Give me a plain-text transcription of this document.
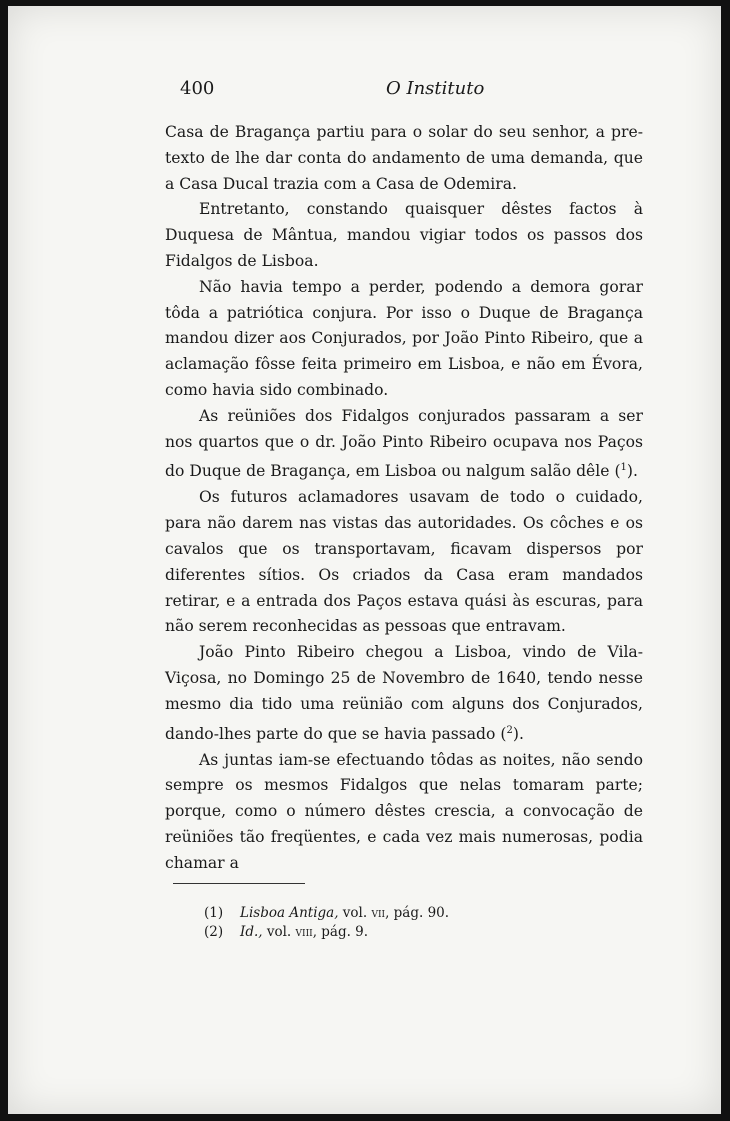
400	O Instituto

Casa de Bragança partiu para o solar do seu senhor, a pretexto de lhe dar conta do andamento de uma demanda, que a Casa Ducal trazia com a Casa de Odemira.

Entretanto, constando quaisquer dêstes factos à Duquesa de Mântua, mandou vigiar todos os passos dos Fidalgos de Lisboa.

Não havia tempo a perder, podendo a demora gorar tôda a patriótica conjura. Por isso o Duque de Bragança mandou dizer aos Conjurados, por João Pinto Ribeiro, que a aclamação fôsse feita primeiro em Lisboa, e não em Évora, como havia sido combinado.

As reüniões dos Fidalgos conjurados passaram a ser nos quartos que o dr. João Pinto Ribeiro ocupava nos Paços do Duque de Bragança, em Lisboa ou nalgum salão dêle ($^1$).

Os futuros aclamadores usavam de todo o cuidado, para não darem nas vistas das autoridades. Os côches e os cavalos que os transportavam, ficavam dispersos por diferentes sítios. Os criados da Casa eram mandados retirar, e a entrada dos Paços estava quási às escuras, para não serem reconhecidas as pessoas que entravam.

João Pinto Ribeiro chegou a Lisboa, vindo de Vila-Viçosa, no Domingo 25 de Novembro de 1640, tendo nesse mesmo dia tido uma reünião com alguns dos Conjurados, dando-lhes parte do que se havia passado ($^2$).

As juntas iam-se efectuando tôdas as noites, não sendo sempre os mesmos Fidalgos que nelas tomaram parte; porque, como o número dêstes crescia, a convocação de reüniões tão freqüentes, e cada vez mais numerosas, podia chamar a

(1) Lisboa Antiga, vol. vii, pág. 90.
(2) Id., vol. viii, pág. 9.
